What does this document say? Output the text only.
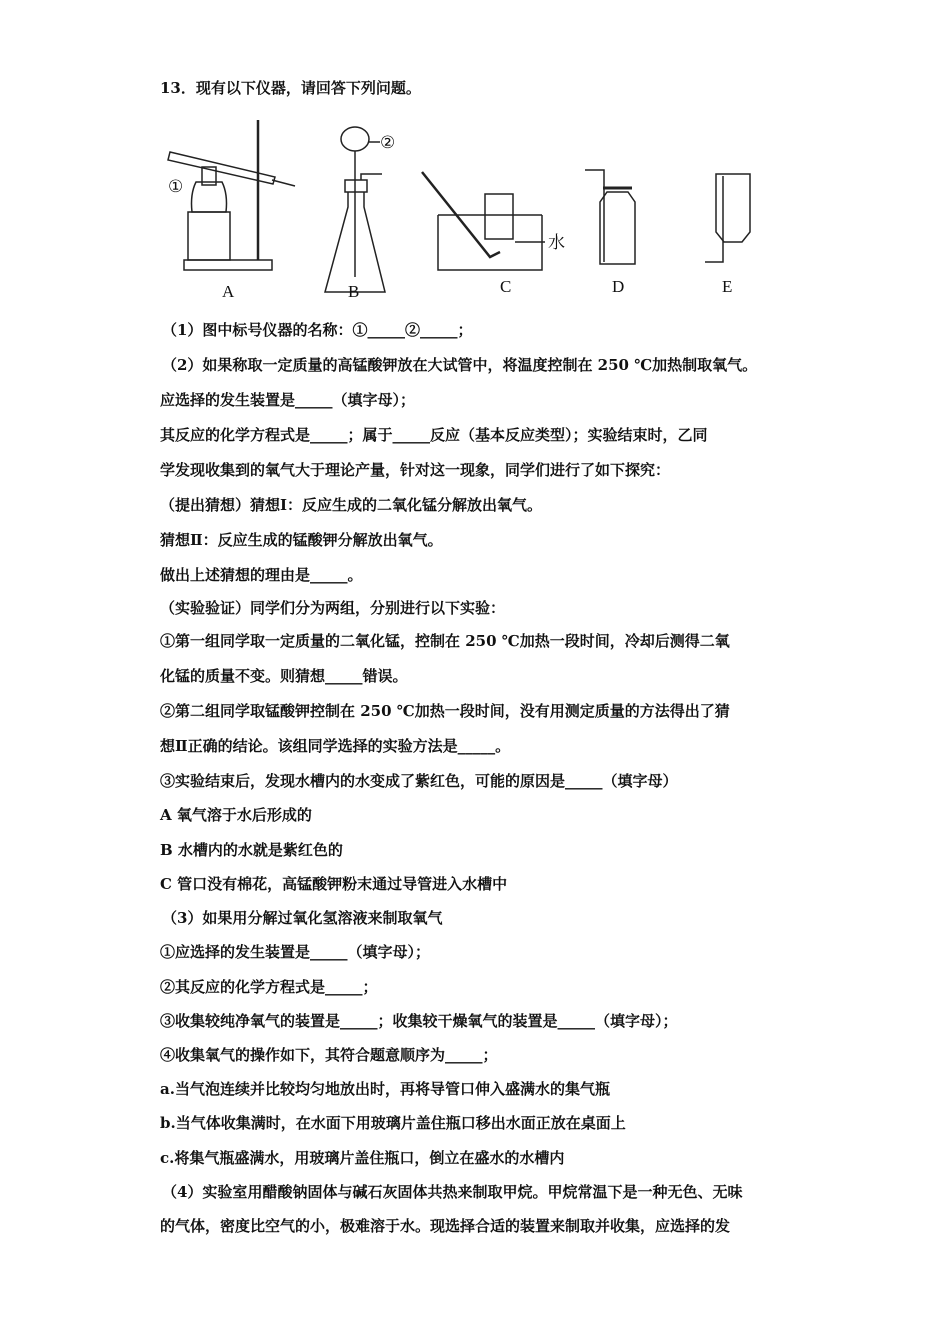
13．现有以下仪器，请回答下列问题。
①
A
②
B
水
C	D	E
（1）图中标号仪器的名称：①_____②_____；
（2）如果称取一定质量的高锰酸钾放在大试管中，将温度控制在 250 ℃加热制取氧气。
应选择的发生装置是_____（填字母）；
其反应的化学方程式是_____；属于_____反应（基本反应类型）；实验结束时，乙同
学发现收集到的氧气大于理论产量，针对这一现象，同学们进行了如下探究：
（提出猜想）猜想Ⅰ：反应生成的二氧化锰分解放出氧气。
猜想Ⅱ：反应生成的锰酸钾分解放出氧气。
做出上述猜想的理由是_____。
（实验验证）同学们分为两组，分别进行以下实验：
①第一组同学取一定质量的二氧化锰，控制在 250 ℃加热一段时间，冷却后测得二氧
化锰的质量不变。则猜想_____错误。
②第二组同学取锰酸钾控制在 250 ℃加热一段时间，没有用测定质量的方法得出了猜
想Ⅱ正确的结论。该组同学选择的实验方法是_____。
③实验结束后，发现水槽内的水变成了紫红色，可能的原因是_____（填字母）
A 氧气溶于水后形成的
B 水槽内的水就是紫红色的
C 管口没有棉花，高锰酸钾粉末通过导管进入水槽中
（3）如果用分解过氧化氢溶液来制取氧气
①应选择的发生装置是_____（填字母）；
②其反应的化学方程式是_____；
③收集较纯净氧气的装置是_____；收集较干燥氧气的装置是_____（填字母）；
④收集氧气的操作如下，其符合题意顺序为_____；
a.当气泡连续并比较均匀地放出时，再将导管口伸入盛满水的集气瓶
b.当气体收集满时，在水面下用玻璃片盖住瓶口移出水面正放在桌面上
c.将集气瓶盛满水，用玻璃片盖住瓶口，倒立在盛水的水槽内
（4）实验室用醋酸钠固体与碱石灰固体共热来制取甲烷。甲烷常温下是一种无色、无味
的气体，密度比空气的小，极难溶于水。现选择合适的装置来制取并收集，应选择的发
